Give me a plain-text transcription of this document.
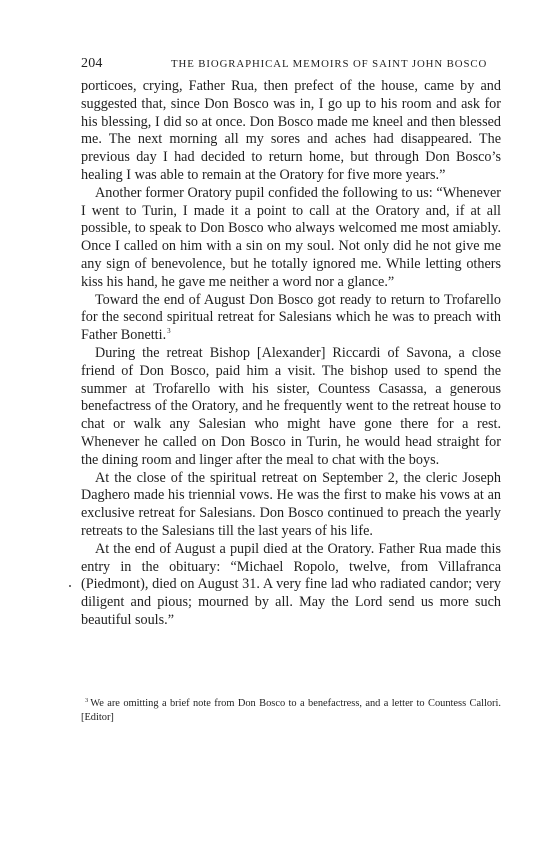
204	THE BIOGRAPHICAL MEMOIRS OF SAINT JOHN BOSCO

porticoes, crying, Father Rua, then prefect of the house, came by and suggested that, since Don Bosco was in, I go up to his room and ask for his blessing, I did so at once. Don Bosco made me kneel and then blessed me. The next morning all my sores and aches had disappeared. The previous day I had decided to return home, but through Don Bosco’s healing I was able to remain at the Oratory for five more years.”

Another former Oratory pupil confided the following to us: “Whenever I went to Turin, I made it a point to call at the Oratory and, if at all possible, to speak to Don Bosco who always welcomed me most amiably. Once I called on him with a sin on my soul. Not only did he not give me any sign of benevolence, but he totally ignored me. While letting others kiss his hand, he gave me neither a word nor a glance.”

Toward the end of August Don Bosco got ready to return to Trofarello for the second spiritual retreat for Salesians which he was to preach with Father Bonetti.$^3$

During the retreat Bishop [Alexander] Riccardi of Savona, a close friend of Don Bosco, paid him a visit. The bishop used to spend the summer at Trofarello with his sister, Countess Casassa, a generous benefactress of the Oratory, and he frequently went to the retreat house to chat or walk any Salesian who might have gone there for a rest. Whenever he called on Don Bosco in Turin, he would head straight for the dining room and linger after the meal to chat with the boys.

At the close of the spiritual retreat on September 2, the cleric Joseph Daghero made his triennial vows. He was the first to make his vows at an exclusive retreat for Salesians. Don Bosco continued to preach the yearly retreats to the Salesians till the last years of his life.

At the end of August a pupil died at the Oratory. Father Rua made this entry in the obituary: “Michael Ropolo, twelve, from Villafranca (Piedmont), died on August 31. A very fine lad who radiated candor; very diligent and pious; mourned by all. May the Lord send us more such beautiful souls.”

$^3$ We are omitting a brief note from Don Bosco to a benefactress, and a letter to Countess Callori. [Editor]
